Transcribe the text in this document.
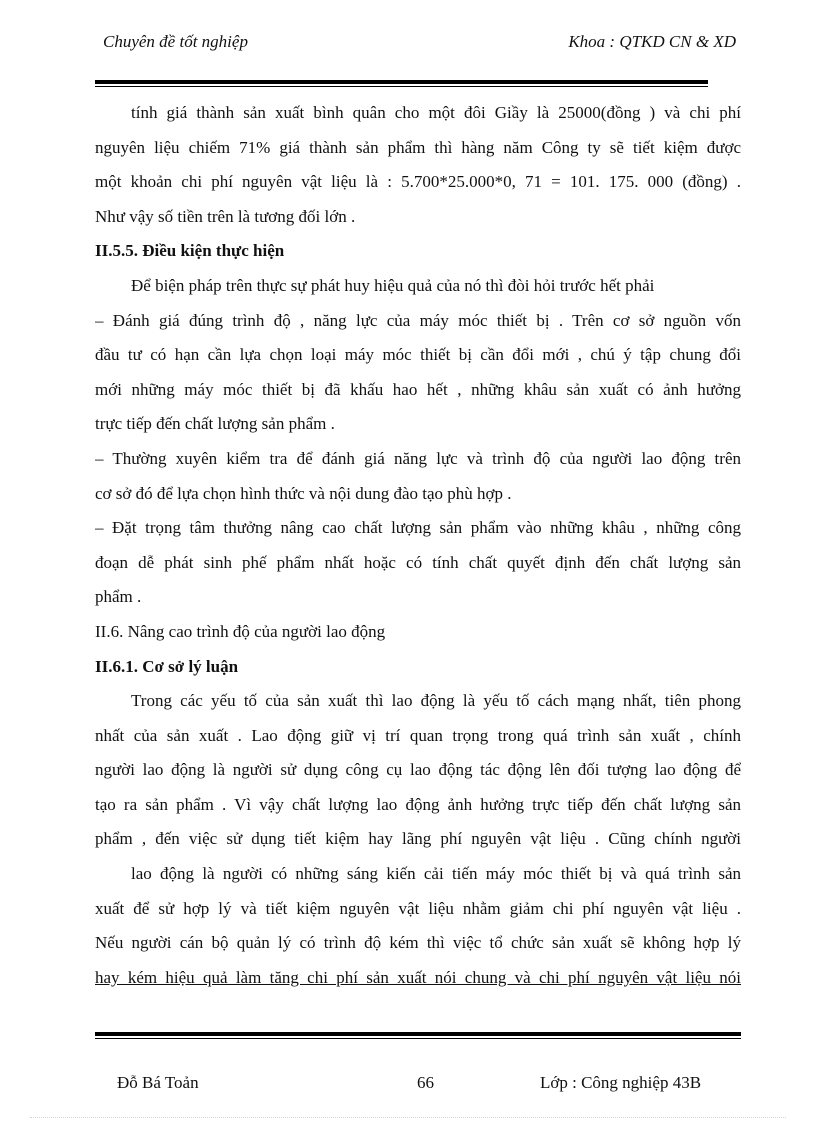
Chuyên đề tốt nghiệp	Khoa : QTKD CN & XD
tính giá thành sản xuất bình quân cho một đôi Giầy là 25000(đồng ) và chi phí
nguyên liệu chiếm 71% giá thành sản phẩm thì hàng năm Công ty sẽ tiết kiệm được
một khoản chi phí nguyên vật liệu là : 5.700*25.000*0, 71 = 101. 175. 000 (đồng) .
Như vậy số tiền trên là tương đối lớn .
II.5.5. Điều kiện thực hiện
Để biện pháp trên thực sự phát huy hiệu quả của nó thì đòi hỏi trước hết phải
– Đánh giá đúng trình độ , năng lực của máy móc thiết bị . Trên cơ sở nguồn vốn
đầu tư có hạn cần lựa chọn loại máy móc thiết bị cần đổi mới , chú ý tập chung đổi
mới những máy móc thiết bị đã khấu hao hết , những khâu sản xuất có ảnh hưởng
trực tiếp đến chất lượng sản phẩm .
– Thường xuyên kiểm tra để đánh giá năng lực và trình độ của người lao động trên
cơ sở đó để lựa chọn hình thức và nội dung đào tạo phù hợp .
– Đặt trọng tâm thưởng nâng cao chất lượng sản phẩm vào những khâu , những công
đoạn dễ phát sinh phế phẩm nhất hoặc có tính chất quyết định đến chất lượng sản
phẩm .
II.6. Nâng cao trình độ của người lao động
II.6.1. Cơ sở lý luận
Trong các yếu tố của sản xuất thì lao động là yếu tố cách mạng nhất, tiên phong
nhất của sản xuất . Lao động giữ vị trí quan trọng trong quá trình sản xuất , chính
người lao động là người sử dụng công cụ lao động tác động lên đối tượng lao động để
tạo ra sản phẩm . Vì vậy chất lượng lao động ảnh hưởng trực tiếp đến chất lượng sản
phẩm , đến việc sử dụng tiết kiệm hay lãng phí nguyên vật liệu . Cũng chính người
lao động là người có những sáng kiến cải tiến máy móc thiết bị và quá trình sản
xuất để sử hợp lý và tiết kiệm nguyên vật liệu nhằm giảm chi phí nguyên vật liệu .
Nếu người cán bộ quản lý có trình độ kém thì việc tổ chức sản xuất sẽ không hợp lý
hay kém hiệu quả làm tăng chi phí sản xuất nói chung và chi phí nguyên vật liệu nói
Đỗ Bá Toản	66	Lớp : Công nghiệp 43B
